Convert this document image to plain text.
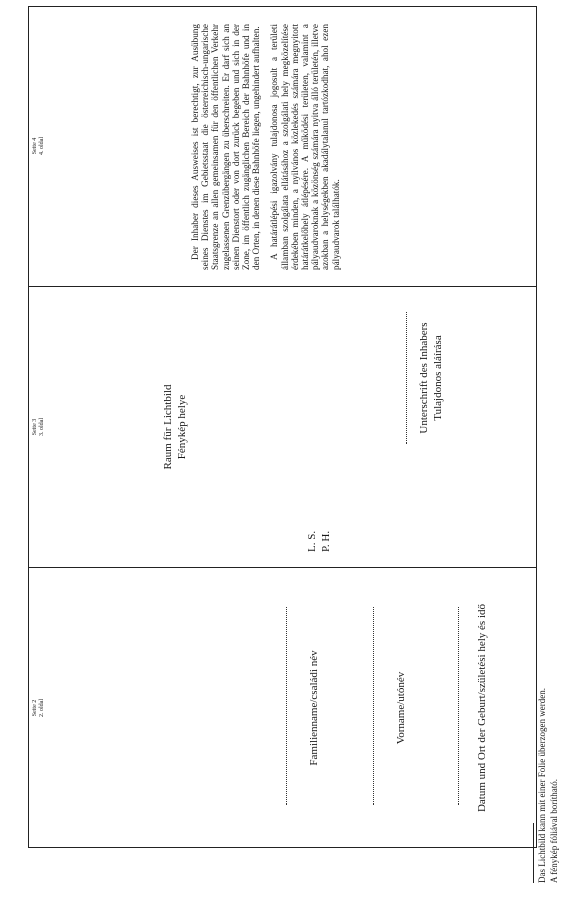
Seite 2 2. oldal	Familienname/családi név	Vorname/utónév	Datum und Ort der Geburt/születési hely és idő
Seite 3 3. oldal	Raum für Lichtbild Fénykép helye
L. S. P. H.
Unterschrift des Inhabers Tulajdonos aláírása
Seite 4 4. oldal	Der Inhaber dieses Ausweises ist berechtigt, zur Ausübung seines Dienstes im Gebietsstaat die österreichisch-ungarische Staatsgrenze an allen gemeinsamen für den öffentlichen Verkehr zugelassenen Grenzübergängen zu überschreiten. Er darf sich an seinen Dienstort oder von dort zurück begeben und sich in der Zone, im öffentlich zugänglichen Bereich der Bahnhöfe und in den Orten, in denen diese Bahnhöfe liegen, ungehindert aufhalten. A határátlépési igazolvány tulajdonosa jogosult a területi államban szolgálata ellátásához a szolgálati hely megközelítése érdekében minden, a nyilvános közlekedés számára megnyitott határátkelőhely átlépésére. A működési területen, valamint a pályaudvaroknak a közönség számára nyitva álló területén, illetve azokban a helységekben akadálytalanul tartózkodhat, ahol ezen pályaudvarok találhatók.

Das Lichtbild kann mit einer Folie überzogen werden. A fénykép fóliával borítható.
